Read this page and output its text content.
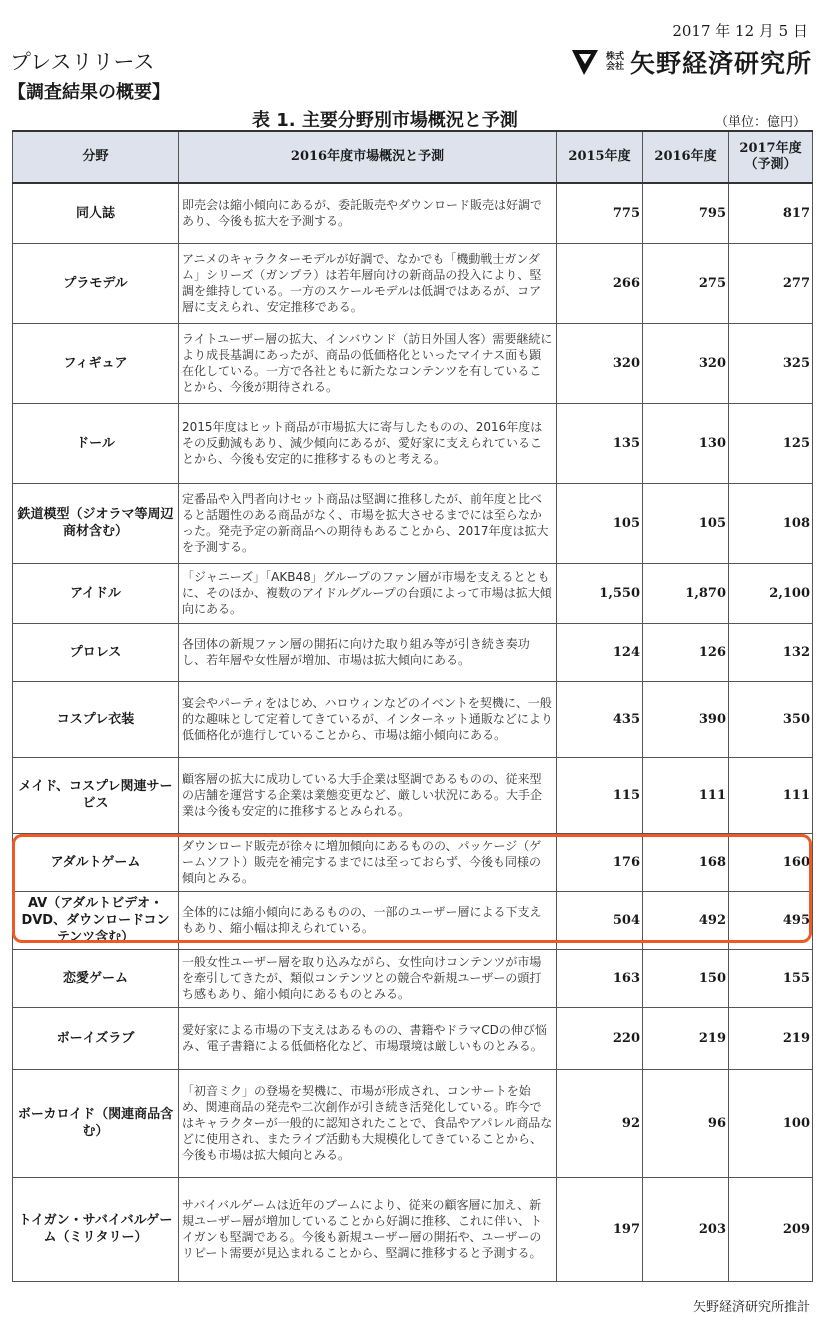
2017 年 12 月 5 日
プレスリリース
【調査結果の概要】
株式
会社 矢野経済研究所
表 1. 主要分野別市場概況と予測	（単位：億円）
分野	2016年度市場概況と予測	2015年度	2016年度	2017年度
（予測）
同人誌	即売会は縮小傾向にあるが、委託販売やダウンロード販売は好調であり、今後も拡大を予測する。	775	795	817
プラモデル	アニメのキャラクターモデルが好調で、なかでも「機動戦士ガンダム」シリーズ（ガンプラ）は若年層向けの新商品の投入により、堅調を維持している。一方のスケールモデルは低調ではあるが、コア層に支えられ、安定推移である。	266	275	277
フィギュア	ライトユーザー層の拡大、インバウンド（訪日外国人客）需要継続により成長基調にあったが、商品の低価格化といったマイナス面も顕在化している。一方で各社ともに新たなコンテンツを有していることから、今後が期待される。	320	320	325
ドール	2015年度はヒット商品が市場拡大に寄与したものの、2016年度はその反動減もあり、減少傾向にあるが、愛好家に支えられていることから、今後も安定的に推移するものと考える。	135	130	125
鉄道模型（ジオラマ等周辺商材含む）	定番品や入門者向けセット商品は堅調に推移したが、前年度と比べると話題性のある商品がなく、市場を拡大させるまでには至らなかった。発売予定の新商品への期待もあることから、2017年度は拡大を予測する。	105	105	108
アイドル	「ジャニーズ」「AKB48」グループのファン層が市場を支えるとともに、そのほか、複数のアイドルグループの台頭によって市場は拡大傾向にある。	1,550	1,870	2,100
プロレス	各団体の新規ファン層の開拓に向けた取り組み等が引き続き奏功し、若年層や女性層が増加、市場は拡大傾向にある。	124	126	132
コスプレ衣装	宴会やパーティをはじめ、ハロウィンなどのイベントを契機に、一般的な趣味として定着してきているが、インターネット通販などにより低価格化が進行していることから、市場は縮小傾向にある。	435	390	350
メイド、コスプレ関連サービス	顧客層の拡大に成功している大手企業は堅調であるものの、従来型の店舗を運営する企業は業態変更など、厳しい状況にある。大手企業は今後も安定的に推移するとみられる。	115	111	111
アダルトゲーム	ダウンロード販売が徐々に増加傾向にあるものの、パッケージ（ゲームソフト）販売を補完するまでには至っておらず、今後も同様の傾向とみる。	176	168	160
AV（アダルトビデオ・DVD、ダウンロードコンテンツ含む）	全体的には縮小傾向にあるものの、一部のユーザー層による下支えもあり、縮小幅は抑えられている。	504	492	495
恋愛ゲーム	一般女性ユーザー層を取り込みながら、女性向けコンテンツが市場を牽引してきたが、類似コンテンツとの競合や新規ユーザーの頭打ち感もあり、縮小傾向にあるものとみる。	163	150	155
ボーイズラブ	愛好家による市場の下支えはあるものの、書籍やドラマCDの伸び悩み、電子書籍による低価格化など、市場環境は厳しいものとみる。	220	219	219
ボーカロイド（関連商品含む）	「初音ミク」の登場を契機に、市場が形成され、コンサートを始め、関連商品の発売や二次創作が引き続き活発化している。昨今ではキャラクターが一般的に認知されたことで、食品やアパレル商品などに使用され、またライブ活動も大規模化してきていることから、今後も市場は拡大傾向とみる。	92	96	100
トイガン・サバイバルゲーム（ミリタリー）	サバイバルゲームは近年のブームにより、従来の顧客層に加え、新規ユーザー層が増加していることから好調に推移、これに伴い、トイガンも堅調である。今後も新規ユーザー層の開拓や、ユーザーのリピート需要が見込まれることから、堅調に推移すると予測する。	197	203	209
矢野経済研究所推計
